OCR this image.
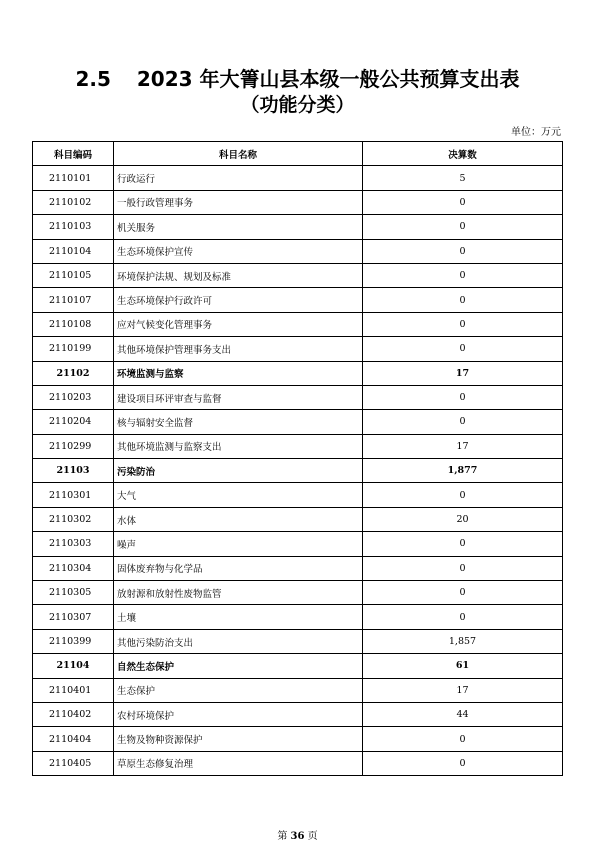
2.5 2023 年大箐山县本级一般公共预算支出表
（功能分类）
单位：万元
科目编码	科目名称	决算数
2110101	行政运行	5
2110102	一般行政管理事务	0
2110103	机关服务	0
2110104	生态环境保护宣传	0
2110105	环境保护法规、规划及标准	0
2110107	生态环境保护行政许可	0
2110108	应对气候变化管理事务	0
2110199	其他环境保护管理事务支出	0
21102	环境监测与监察	17
2110203	建设项目环评审查与监督	0
2110204	核与辐射安全监督	0
2110299	其他环境监测与监察支出	17
21103	污染防治	1,877
2110301	大气	0
2110302	水体	20
2110303	噪声	0
2110304	固体废弃物与化学品	0
2110305	放射源和放射性废物监管	0
2110307	土壤	0
2110399	其他污染防治支出	1,857
21104	自然生态保护	61
2110401	生态保护	17
2110402	农村环境保护	44
2110404	生物及物种资源保护	0
2110405	草原生态修复治理	0
第 36 页
